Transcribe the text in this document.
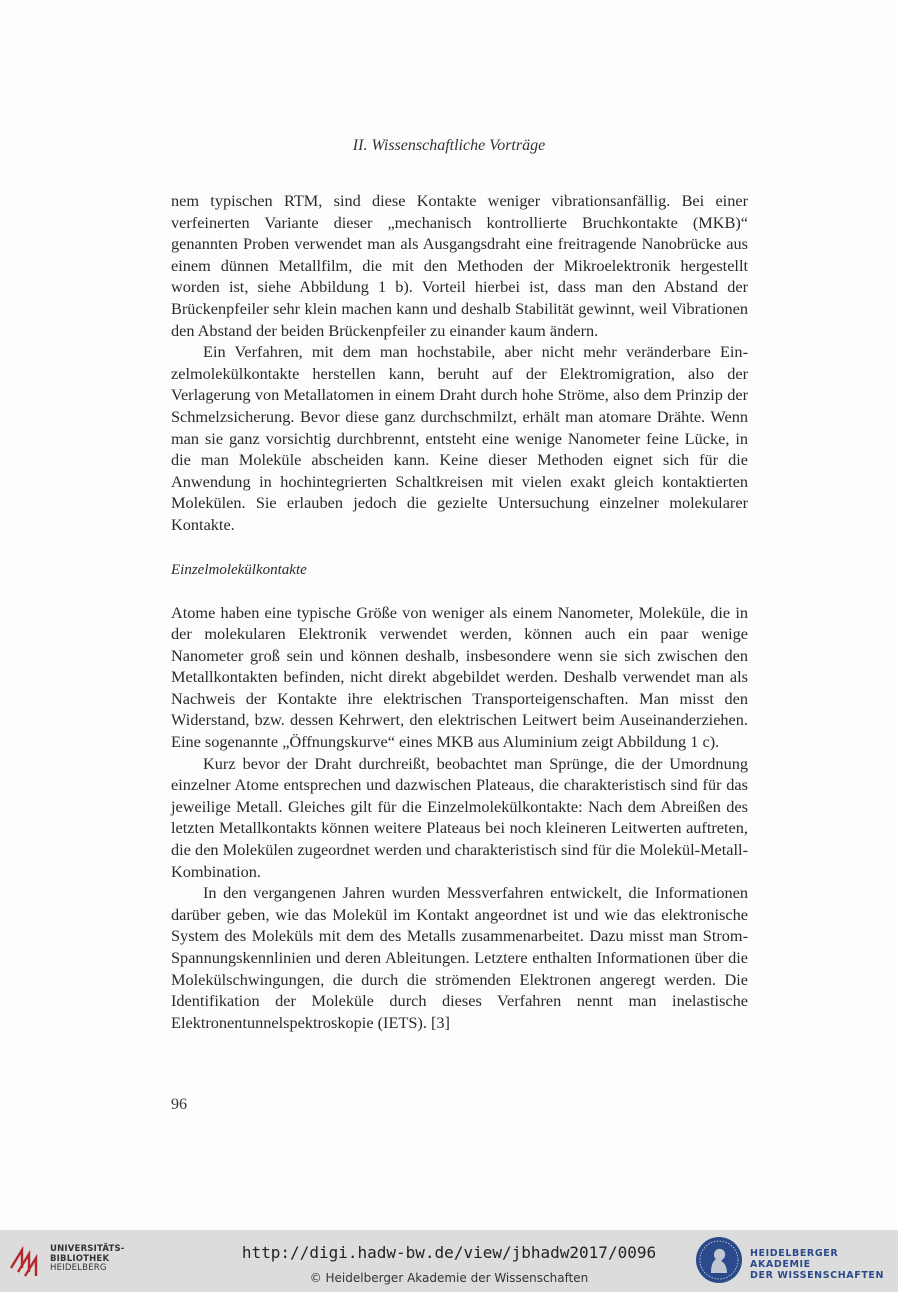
II. Wissenschaftliche Vorträge

nem typischen RTM, sind diese Kontakte weniger vibrationsanfällig. Bei einer verfeinerten Variante dieser „mechanisch kontrollierte Bruchkontakte (MKB)“ genannten Proben verwendet man als Ausgangsdraht eine freitragende Nanobrücke aus einem dünnen Metallfilm, die mit den Methoden der Mikroelektronik hergestellt worden ist, siehe Abbildung 1 b). Vorteil hierbei ist, dass man den Abstand der Brückenpfeiler sehr klein machen kann und deshalb Stabilität gewinnt, weil Vibrationen den Abstand der beiden Brückenpfeiler zu einander kaum ändern.

Ein Verfahren, mit dem man hochstabile, aber nicht mehr veränderbare Einzelmolekülkontakte herstellen kann, beruht auf der Elektromigration, also der Verlagerung von Metallatomen in einem Draht durch hohe Ströme, also dem Prinzip der Schmelzsicherung. Bevor diese ganz durchschmilzt, erhält man atomare Drähte. Wenn man sie ganz vorsichtig durchbrennt, entsteht eine wenige Nanometer feine Lücke, in die man Moleküle abscheiden kann. Keine dieser Methoden eignet sich für die Anwendung in hochintegrierten Schaltkreisen mit vielen exakt gleich kontaktierten Molekülen. Sie erlauben jedoch die gezielte Untersuchung einzelner molekularer Kontakte.

Einzelmolekülkontakte

Atome haben eine typische Größe von weniger als einem Nanometer, Moleküle, die in der molekularen Elektronik verwendet werden, können auch ein paar wenige Nanometer groß sein und können deshalb, insbesondere wenn sie sich zwischen den Metallkontakten befinden, nicht direkt abgebildet werden. Deshalb verwendet man als Nachweis der Kontakte ihre elektrischen Transporteigenschaften. Man misst den Widerstand, bzw. dessen Kehrwert, den elektrischen Leitwert beim Auseinanderziehen. Eine sogenannte „Öffnungskurve“ eines MKB aus Aluminium zeigt Abbildung 1 c).

Kurz bevor der Draht durchreißt, beobachtet man Sprünge, die der Umordnung einzelner Atome entsprechen und dazwischen Plateaus, die charakteristisch sind für das jeweilige Metall. Gleiches gilt für die Einzelmolekülkontakte: Nach dem Abreißen des letzten Metallkontakts können weitere Plateaus bei noch kleineren Leitwerten auftreten, die den Molekülen zugeordnet werden und charakteristisch sind für die Molekül-Metall-Kombination.

In den vergangenen Jahren wurden Messverfahren entwickelt, die Informationen darüber geben, wie das Molekül im Kontakt angeordnet ist und wie das elektronische System des Moleküls mit dem des Metalls zusammenarbeitet. Dazu misst man Strom-Spannungskennlinien und deren Ableitungen. Letztere enthalten Informationen über die Molekülschwingungen, die durch die strömenden Elektronen angeregt werden. Die Identifikation der Moleküle durch dieses Verfahren nennt man inelastische Elektronentunnelspektroskopie (IETS). [3]

96
UNIVERSITÄTS-
BIBLIOTHEK
HEIDELBERG
http://digi.hadw-bw.de/view/jbhadw2017/0096
© Heidelberger Akademie der Wissenschaften
HEIDELBERGER AKADEMIE
DER WISSENSCHAFTEN
